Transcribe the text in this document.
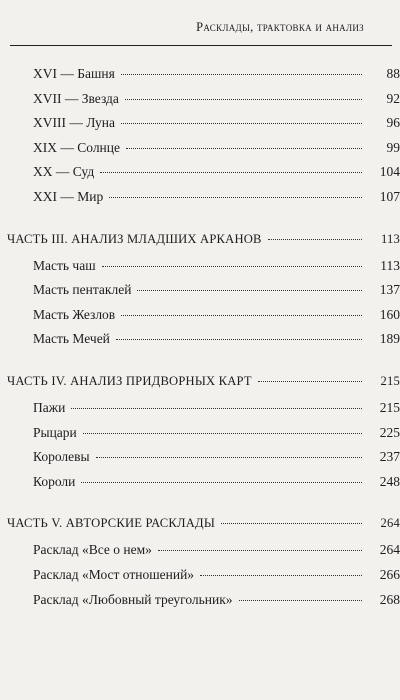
Расклады, трактовка и анализ
XVI — Башня	88
XVII — Звезда	92
XVIII — Луна	96
XIX — Солнце	99
XX — Суд	104
XXI — Мир	107
ЧАСТЬ III. АНАЛИЗ МЛАДШИХ АРКАНОВ	113
Масть чаш	113
Масть пентаклей	137
Масть Жезлов	160
Масть Мечей	189
ЧАСТЬ IV. АНАЛИЗ ПРИДВОРНЫХ КАРТ	215
Пажи	215
Рыцари	225
Королевы	237
Короли	248
ЧАСТЬ V. АВТОРСКИЕ РАСКЛАДЫ	264
Расклад «Все о нем»	264
Расклад «Мост отношений»	266
Расклад «Любовный треугольник»	268
